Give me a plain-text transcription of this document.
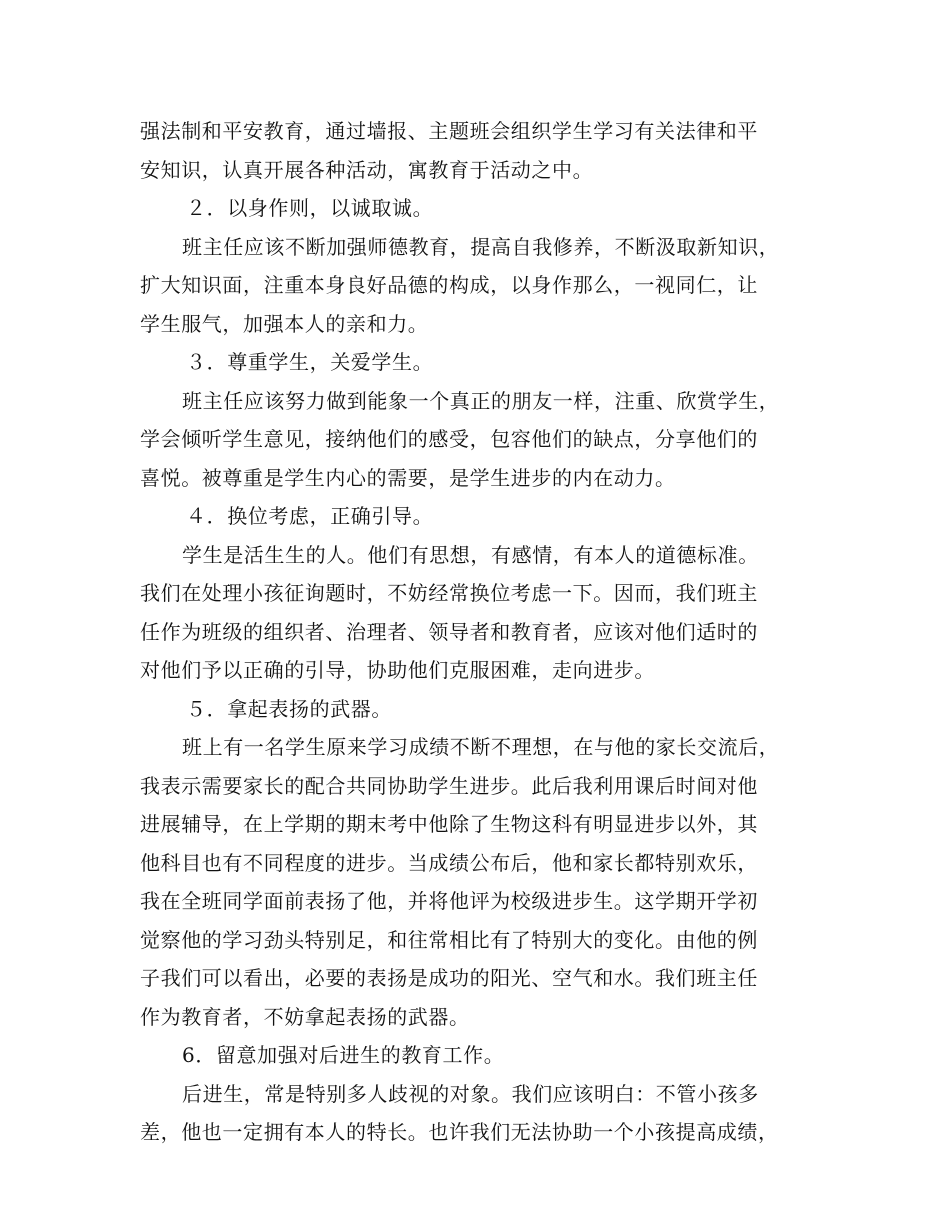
强法制和平安教育，通过墙报、主题班会组织学生学习有关法律和平
安知识，认真开展各种活动，寓教育于活动之中。
２．以身作则，以诚取诚。
班主任应该不断加强师德教育，提高自我修养，不断汲取新知识，
扩大知识面，注重本身良好品德的构成，以身作那么，一视同仁，让
学生服气，加强本人的亲和力。
３．尊重学生，关爱学生。
班主任应该努力做到能象一个真正的朋友一样，注重、欣赏学生，
学会倾听学生意见，接纳他们的感受，包容他们的缺点，分享他们的
喜悦。被尊重是学生内心的需要，是学生进步的内在动力。
４．换位考虑，正确引导。
学生是活生生的人。他们有思想，有感情，有本人的道德标准。
我们在处理小孩征询题时，不妨经常换位考虑一下。因而，我们班主
任作为班级的组织者、治理者、领导者和教育者，应该对他们适时的
对他们予以正确的引导，协助他们克服困难，走向进步。
５．拿起表扬的武器。
班上有一名学生原来学习成绩不断不理想，在与他的家长交流后，
我表示需要家长的配合共同协助学生进步。此后我利用课后时间对他
进展辅导，在上学期的期末考中他除了生物这科有明显进步以外，其
他科目也有不同程度的进步。当成绩公布后，他和家长都特别欢乐，
我在全班同学面前表扬了他，并将他评为校级进步生。这学期开学初
觉察他的学习劲头特别足，和往常相比有了特别大的变化。由他的例
子我们可以看出，必要的表扬是成功的阳光、空气和水。我们班主任
作为教育者，不妨拿起表扬的武器。
6．留意加强对后进生的教育工作。
后进生，常是特别多人歧视的对象。我们应该明白：不管小孩多
差，他也一定拥有本人的特长。也许我们无法协助一个小孩提高成绩，
